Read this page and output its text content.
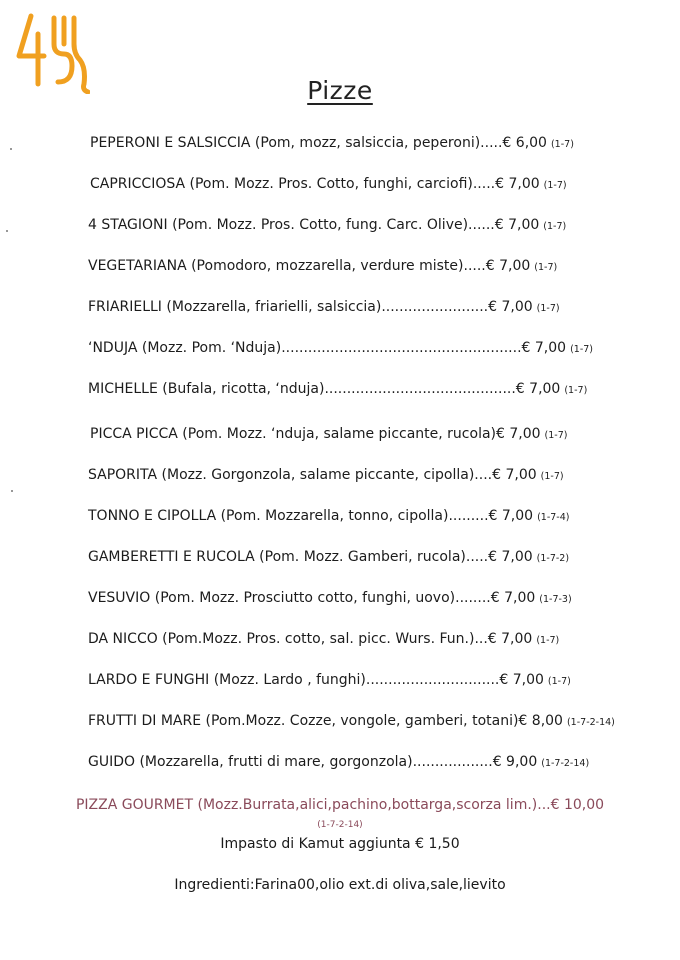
Pizze
PEPERONI E SALSICCIA (Pom, mozz, salsiccia, peperoni).....€ 6,00 (1-7)
CAPRICCIOSA (Pom. Mozz. Pros. Cotto, funghi, carciofi).....€ 7,00 (1-7)
4 STAGIONI (Pom. Mozz. Pros. Cotto, fung. Carc. Olive)......€ 7,00 (1-7)
VEGETARIANA (Pomodoro, mozzarella, verdure miste).....€ 7,00 (1-7)
FRIARIELLI (Mozzarella, friarielli, salsiccia)........................€ 7,00 (1-7)
‘NDUJA (Mozz. Pom. ‘Nduja)......................................................€ 7,00 (1-7)
MICHELLE (Bufala, ricotta, ‘nduja)...........................................€ 7,00 (1-7)
PICCA PICCA (Pom. Mozz. ‘nduja, salame piccante, rucola)€ 7,00 (1-7)
SAPORITA (Mozz. Gorgonzola, salame piccante, cipolla)....€ 7,00 (1-7)
TONNO E CIPOLLA (Pom. Mozzarella, tonno, cipolla).........€ 7,00 (1-7-4)
GAMBERETTI E RUCOLA (Pom. Mozz. Gamberi, rucola).....€ 7,00 (1-7-2)
VESUVIO (Pom. Mozz. Prosciutto cotto, funghi, uovo)........€ 7,00 (1-7-3)
DA NICCO (Pom.Mozz. Pros. cotto, sal. picc. Wurs. Fun.)...€ 7,00 (1-7)
LARDO E FUNGHI (Mozz. Lardo , funghi)..............................€ 7,00 (1-7)
FRUTTI DI MARE (Pom.Mozz. Cozze, vongole, gamberi, totani)€ 8,00 (1-7-2-14)
GUIDO (Mozzarella, frutti di mare, gorgonzola)..................€ 9,00 (1-7-2-14)
PIZZA GOURMET (Mozz.Burrata,alici,pachino,bottarga,scorza lim.)...€ 10,00
(1-7-2-14)
Impasto di Kamut aggiunta € 1,50
Ingredienti:Farina00,olio ext.di oliva,sale,lievito
